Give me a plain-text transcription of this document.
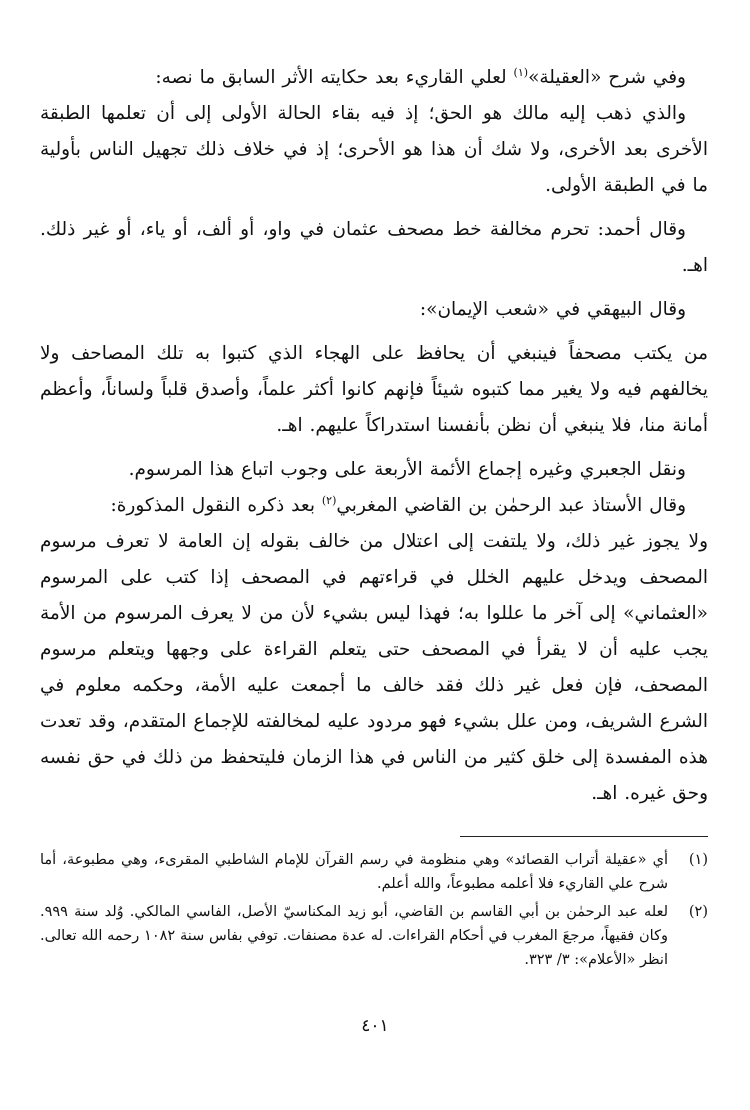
وفي شرح «العقيلة»$^{(١)}$ لعلي القاريء بعد حكايته الأثر السابق ما نصه:

والذي ذهب إليه مالك هو الحق؛ إذ فيه بقاء الحالة الأولى إلى أن تعلمها الطبقة الأخرى بعد الأخرى، ولا شك أن هذا هو الأحرى؛ إذ في خلاف ذلك تجهيل الناس بأولية ما في الطبقة الأولى.

وقال أحمد: تحرم مخالفة خط مصحف عثمان في واو، أو ألف، أو ياء، أو غير ذلك. اهـ.

وقال البيهقي في «شعب الإيمان»:

من يكتب مصحفاً فينبغي أن يحافظ على الهجاء الذي كتبوا به تلك المصاحف ولا يخالفهم فيه ولا يغير مما كتبوه شيئاً فإنهم كانوا أكثر علماً، وأصدق قلباً ولساناً، وأعظم أمانة منا، فلا ينبغي أن نظن بأنفسنا استدراكاً عليهم. اهـ.

ونقل الجعبري وغيره إجماع الأئمة الأربعة على وجوب اتباع هذا المرسوم.

وقال الأستاذ عبد الرحمٰن بن القاضي المغربي$^{(٢)}$ بعد ذكره النقول المذكورة:

ولا يجوز غير ذلك، ولا يلتفت إلى اعتلال من خالف بقوله إن العامة لا تعرف مرسوم المصحف ويدخل عليهم الخلل في قراءتهم في المصحف إذا كتب على المرسوم «العثماني» إلى آخر ما عللوا به؛ فهذا ليس بشيء لأن من لا يعرف المرسوم من الأمة يجب عليه أن لا يقرأ في المصحف حتى يتعلم القراءة على وجهها ويتعلم مرسوم المصحف، فإن فعل غير ذلك فقد خالف ما أجمعت عليه الأمة، وحكمه معلوم في الشرع الشريف، ومن علل بشيء فهو مردود عليه لمخالفته للإجماع المتقدم، وقد تعدت هذه المفسدة إلى خلق كثير من الناس في هذا الزمان فليتحفظ من ذلك في حق نفسه وحق غيره. اهـ.

(١)
أي «عقيلة أتراب القصائد» وهي منظومة في رسم القرآن للإمام الشاطبي المقرىء، وهي مطبوعة، أما شرح علي القاريء فلا أعلمه مطبوعاً، والله أعلم.
(٢)
لعله عبد الرحمٰن بن أبي القاسم بن القاضي، أبو زيد المكناسيّ الأصل، الفاسي المالكي. وُلد سنة ٩٩٩. وكان فقيهاً، مرجعَ المغرب في أحكام القراءات. له عدة مصنفات. توفي بفاس سنة ١٠٨٢ رحمه الله تعالى. انظر «الأعلام»: ٣/ ٣٢٣.
٤٠١
